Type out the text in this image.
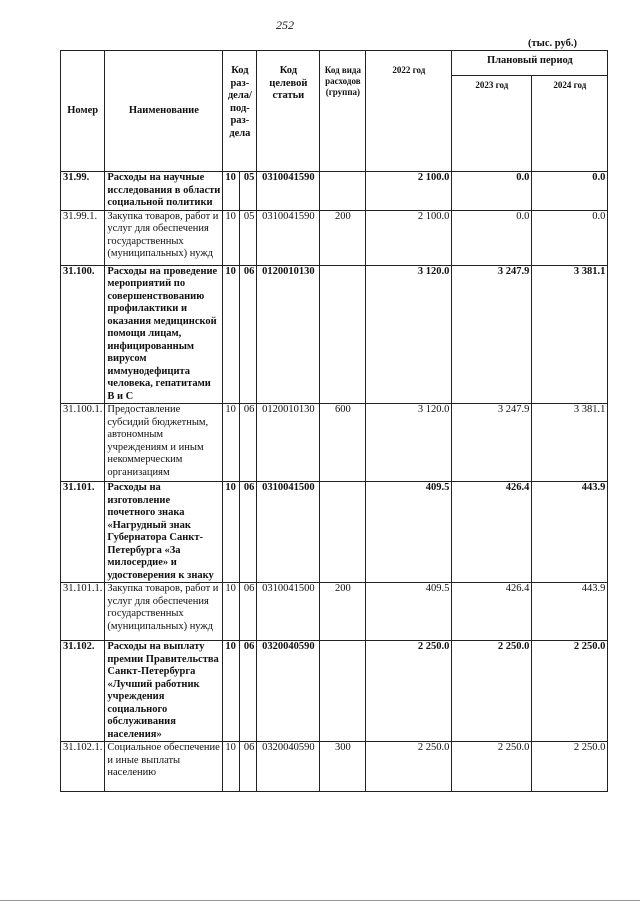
252
(тыс. руб.)
Номер	Наименование	Код раз-дела/ под-раз-дела		Код целевой статьи	Код вида расходов (группа)	2022 год	Плановый период	
							2023 год	2024 год
31.99.	Расходы на научные исследования в области социальной политики	10	05	0310041590		2 100.0	0.0	0.0
31.99.1.	Закупка товаров, работ и услуг для обеспечения государственных (муниципальных) нужд	10	05	0310041590	200	2 100.0	0.0	0.0
31.100.	Расходы на проведение мероприятий по совершенствованию профилактики и оказания медицинской помощи лицам, инфицированным вирусом иммунодефицита человека, гепатитами В и С	10	06	0120010130		3 120.0	3 247.9	3 381.1
31.100.1.	Предоставление субсидий бюджетным, автономным учреждениям и иным некоммерческим организациям	10	06	0120010130	600	3 120.0	3 247.9	3 381.1
31.101.	Расходы на изготовление почетного знака «Нагрудный знак Губернатора Санкт-Петербурга «За милосердие» и удостоверения к знаку	10	06	0310041500		409.5	426.4	443.9
31.101.1.	Закупка товаров, работ и услуг для обеспечения государственных (муниципальных) нужд	10	06	0310041500	200	409.5	426.4	443.9
31.102.	Расходы на выплату премии Правительства Санкт-Петербурга «Лучший работник учреждения социального обслуживания населения»	10	06	0320040590		2 250.0	2 250.0	2 250.0
31.102.1.	Социальное обеспечение и иные выплаты населению	10	06	0320040590	300	2 250.0	2 250.0	2 250.0
